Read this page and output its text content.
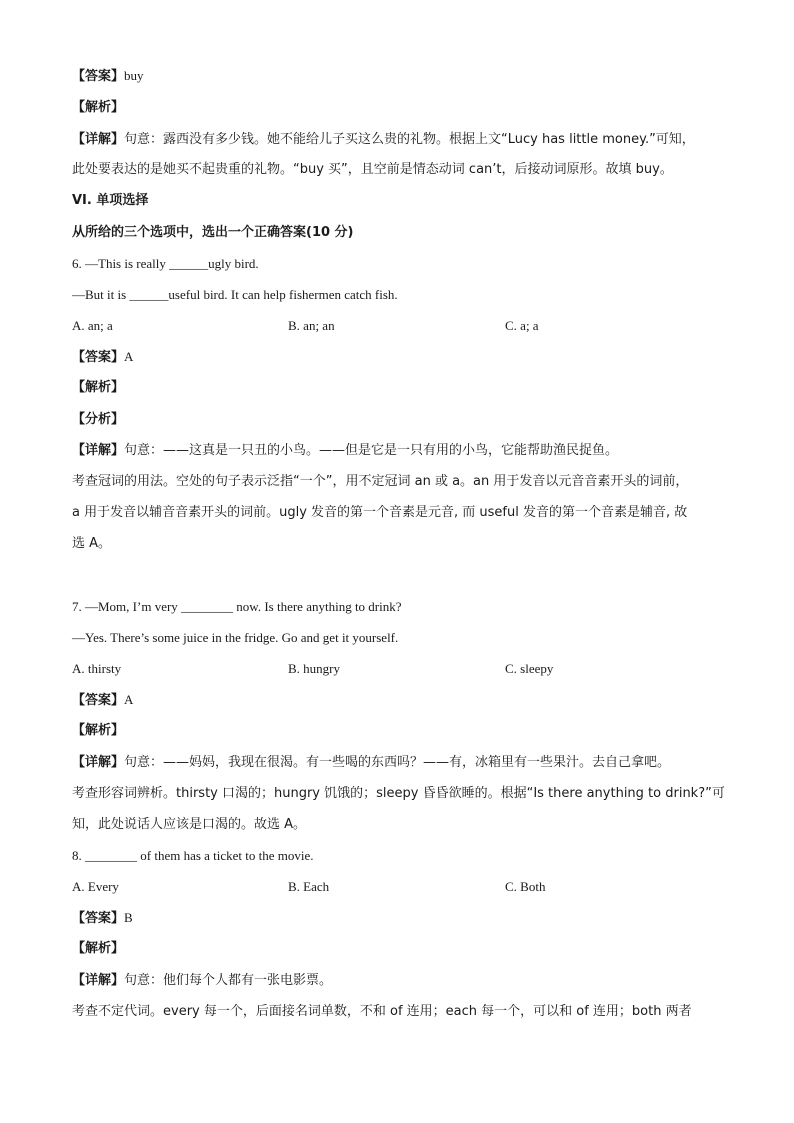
【答案】buy
【解析】
【详解】句意：露西没有多少钱。她不能给儿子买这么贵的礼物。根据上文“Lucy has little money.”可知，
此处要表达的是她买不起贵重的礼物。“buy 买”，且空前是情态动词 can’t，后接动词原形。故填 buy。
VI. 单项选择
从所给的三个选项中，选出一个正确答案(10 分)
6. —This is really ______ugly bird.
—But it is ______useful bird. It can help fishermen catch fish.
A. an; a	B. an; an	C. a; a
【答案】A
【解析】
【分析】
【详解】句意：——这真是一只丑的小鸟。——但是它是一只有用的小鸟，它能帮助渔民捉鱼。
考查冠词的用法。空处的句子表示泛指“一个”，用不定冠词 an 或 a。an 用于发音以元音音素开头的词前，
a 用于发音以辅音音素开头的词前。ugly 发音的第一个音素是元音, 而 useful 发音的第一个音素是辅音, 故
选 A。
7. —Mom, I’m very ________ now. Is there anything to drink?
—Yes. There’s some juice in the fridge. Go and get it yourself.
A. thirsty	B. hungry	C. sleepy
【答案】A
【解析】
【详解】句意：——妈妈，我现在很渴。有一些喝的东西吗？——有，冰箱里有一些果汁。去自己拿吧。
考查形容词辨析。thirsty 口渴的；hungry 饥饿的；sleepy 昏昏欲睡的。根据“Is there anything to drink?”可
知，此处说话人应该是口渴的。故选 A。
8. ________ of them has a ticket to the movie.
A. Every	B. Each	C. Both
【答案】B
【解析】
【详解】句意：他们每个人都有一张电影票。
考查不定代词。every 每一个，后面接名词单数，不和 of 连用；each 每一个，可以和 of 连用；both 两者
